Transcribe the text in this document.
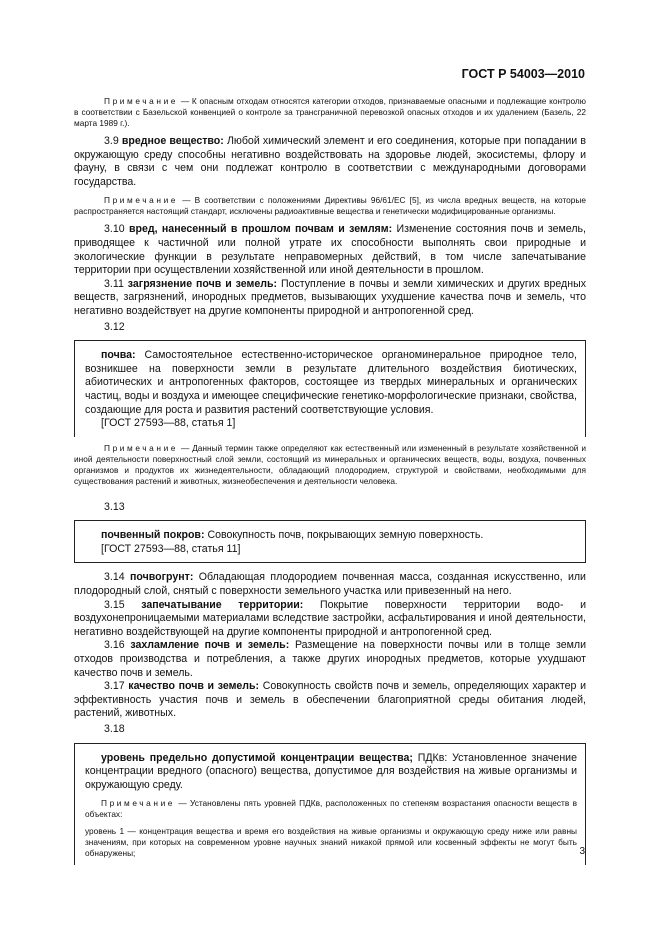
ГОСТ Р 54003—2010

Примечание — К опасным отходам относятся категории отходов, признаваемые опасными и подлежащие контролю в соответствии с Базельской конвенцией о контроле за трансграничной перевозкой опасных отходов и их удалением (Базель, 22 марта 1989 г.).

3.9 вредное вещество: Любой химический элемент и его соединения, которые при попадании в окружающую среду способны негативно воздействовать на здоровье людей, экосистемы, флору и фауну, в связи с чем они подлежат контролю в соответствии с международными договорами государства.

Примечание — В соответствии с положениями Директивы 96/61/ЕС [5], из числа вредных веществ, на которые распространяется настоящий стандарт, исключены радиоактивные вещества и генетически модифицированные организмы.

3.10 вред, нанесенный в прошлом почвам и землям: Изменение состояния почв и земель, приводящее к частичной или полной утрате их способности выполнять свои природные и экологические функции в результате неправомерных действий, в том числе запечатывание территории при осуществлении хозяйственной или иной деятельности в прошлом.

3.11 загрязнение почв и земель: Поступление в почвы и земли химических и других вредных веществ, загрязнений, инородных предметов, вызывающих ухудшение качества почв и земель, что негативно воздействует на другие компоненты природной и антропогенной сред.

3.12

почва: Самостоятельное естественно-историческое органоминеральное природное тело, возникшее на поверхности земли в результате длительного воздействия биотических, абиотических и антропогенных факторов, состоящее из твердых минеральных и органических частиц, воды и воздуха и имеющее специфические генетико-морфологические признаки, свойства, создающие для роста и развития растений соответствующие условия.

[ГОСТ 27593—88, статья 1]

Примечание — Данный термин также определяют как естественный или измененный в результате хозяйственной и иной деятельности поверхностный слой земли, состоящий из минеральных и органических веществ, воды, воздуха, почвенных организмов и продуктов их жизнедеятельности, обладающий плодородием, структурой и свойствами, необходимыми для существования растений и животных, жизнеобеспечения и деятельности человека.

3.13

почвенный покров: Совокупность почв, покрывающих земную поверхность.

[ГОСТ 27593—88, статья 11]

3.14 почвогрунт: Обладающая плодородием почвенная масса, созданная искусственно, или плодородный слой, снятый с поверхности земельного участка или привезенный на него.

3.15 запечатывание территории: Покрытие поверхности территории водо- и воздухонепроницаемыми материалами вследствие застройки, асфальтирования и иной деятельности, негативно воздействующей на другие компоненты природной и антропогенной сред.

3.16 захламление почв и земель: Размещение на поверхности почвы или в толще земли отходов производства и потребления, а также других инородных предметов, которые ухудшают качество почв и земель.

3.17 качество почв и земель: Совокупность свойств почв и земель, определяющих характер и эффективность участия почв и земель в обеспечении благоприятной среды обитания людей, растений, животных.

3.18

уровень предельно допустимой концентрации вещества; ПДКв: Установленное значение концентрации вредного (опасного) вещества, допустимое для воздействия на живые организмы и окружающую среду.

Примечание — Установлены пять уровней ПДКв, расположенных по степеням возрастания опасности веществ в объектах:

уровень 1 — концентрация вещества и время его воздействия на живые организмы и окружающую среду ниже или равны значениям, при которых на современном уровне научных знаний никакой прямой или косвенный эффекты не могут быть обнаружены;	3
